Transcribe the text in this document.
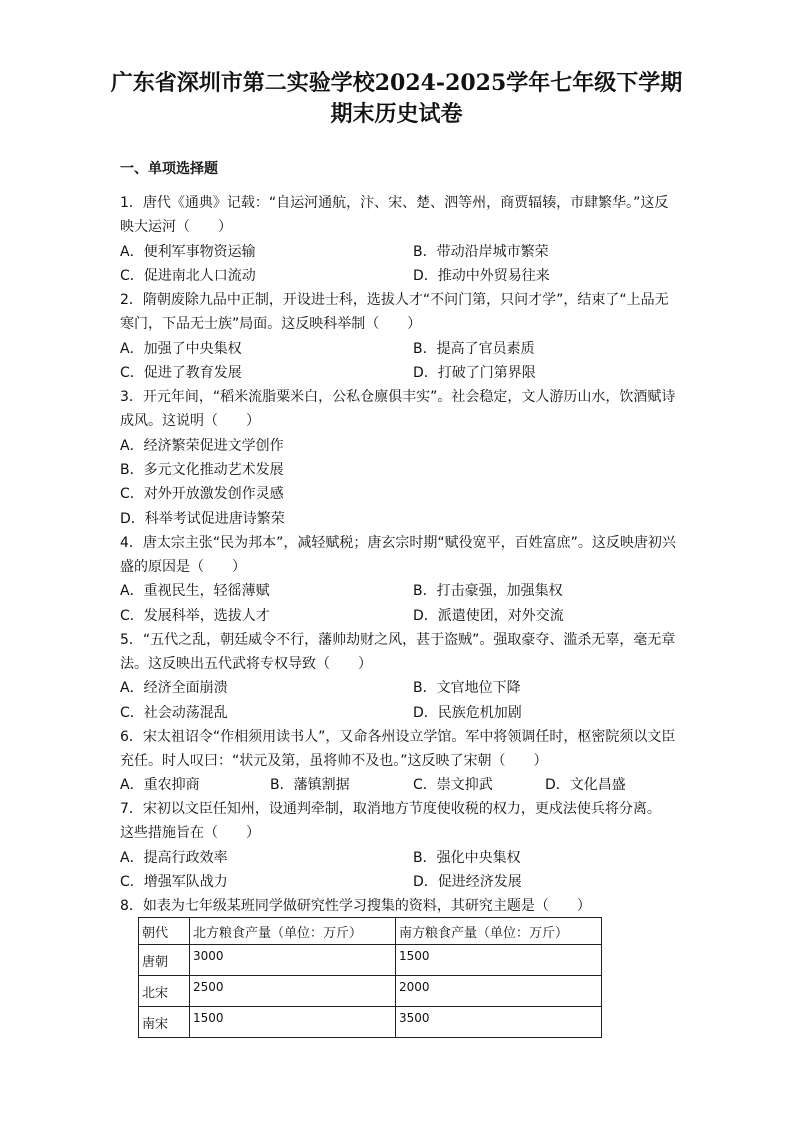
广东省深圳市第二实验学校2024-2025学年七年级下学期
期末历史试卷
一、单项选择题
1．唐代《通典》记载：“自运河通航，汴、宋、楚、泗等州，商贾辐辏，市肆繁华。”这反
映大运河（　　）
A．便利军事物资运输	B．带动沿岸城市繁荣
C．促进南北人口流动	D．推动中外贸易往来
2．隋朝废除九品中正制，开设进士科，选拔人才“不问门第，只问才学”，结束了“上品无
寒门，下品无士族”局面。这反映科举制（　　）
A．加强了中央集权	B．提高了官员素质
C．促进了教育发展	D．打破了门第界限
3．开元年间，“稻米流脂粟米白，公私仓廪俱丰实”。社会稳定，文人游历山水，饮酒赋诗
成风。这说明（　　）
A．经济繁荣促进文学创作
B．多元文化推动艺术发展
C．对外开放激发创作灵感
D．科举考试促进唐诗繁荣
4．唐太宗主张“民为邦本”，减轻赋税；唐玄宗时期“赋役宽平，百姓富庶”。这反映唐初兴
盛的原因是（　　）
A．重视民生，轻徭薄赋	B．打击豪强，加强集权
C．发展科举，选拔人才	D．派遣使团，对外交流
5．“五代之乱，朝廷威令不行，藩帅劫财之风，甚于盗贼”。强取豪夺、滥杀无辜，毫无章
法。这反映出五代武将专权导致（　　）
A．经济全面崩溃	B．文官地位下降
C．社会动荡混乱	D．民族危机加剧
6．宋太祖诏令“作相须用读书人”，又命各州设立学馆。军中将领调任时，枢密院须以文臣
充任。时人叹曰：“状元及第，虽将帅不及也。”这反映了宋朝（　　）
A．重农抑商	B．藩镇割据	C．崇文抑武	D．文化昌盛
7．宋初以文臣任知州，设通判牵制，取消地方节度使收税的权力，更戍法使兵将分离。
这些措施旨在（　　）
A．提高行政效率	B．强化中央集权
C．增强军队战力	D．促进经济发展
8．如表为七年级某班同学做研究性学习搜集的资料，其研究主题是（　　）
朝代	北方粮食产量（单位：万斤）	南方粮食产量（单位：万斤）
唐朝	3000	1500
北宋	2500	2000
南宋	1500	3500
